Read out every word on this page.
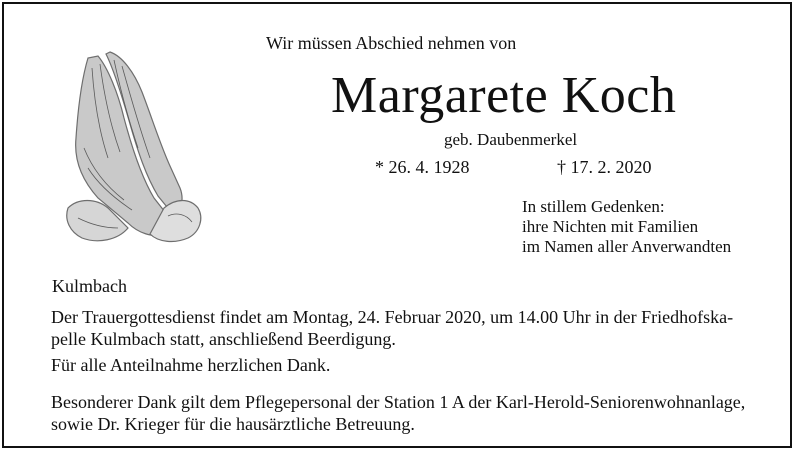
Wir müssen Abschied nehmen von
Margarete Koch
geb. Daubenmerkel
* 26. 4. 1928	† 17. 2. 2020
In stillem Gedenken:
ihre Nichten mit Familien
im Namen aller Anverwandten
Kulmbach
Der Trauergottesdienst findet am Montag, 24. Februar 2020, um 14.00 Uhr in der Friedhofska-
pelle Kulmbach statt, anschließend Beerdigung.
Für alle Anteilnahme herzlichen Dank.
Besonderer Dank gilt dem Pflegepersonal der Station 1 A der Karl-Herold-Seniorenwohnanlage,
sowie Dr. Krieger für die hausärztliche Betreuung.
